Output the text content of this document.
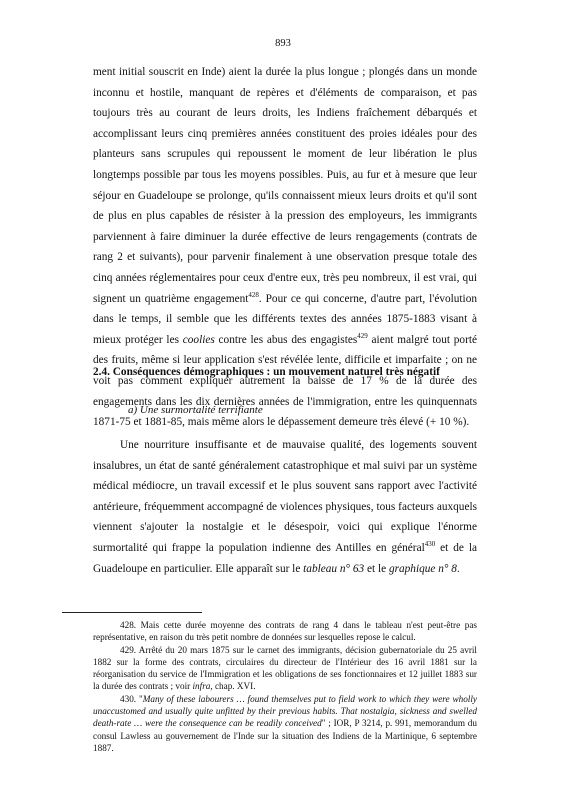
893
ment initial souscrit en Inde) aient la durée la plus longue ; plongés dans un monde inconnu et hostile, manquant de repères et d'éléments de comparaison, et pas toujours très au courant de leurs droits, les Indiens fraîchement débarqués et accomplissant leurs cinq premières années constituent des proies idéales pour des planteurs sans scrupules qui repoussent le moment de leur libération le plus longtemps possible par tous les moyens possibles. Puis, au fur et à mesure que leur séjour en Guadeloupe se prolonge, qu'ils connaissent mieux leurs droits et qu'il sont de plus en plus capables de résister à la pression des employeurs, les immigrants parviennent à faire diminuer la durée effective de leurs rengagements (contrats de rang 2 et suivants), pour parvenir finalement à une observation presque totale des cinq années réglementaires pour ceux d'entre eux, très peu nombreux, il est vrai, qui signent un quatrième engagement$^{428}$. Pour ce qui concerne, d'autre part, l'évolution dans le temps, il semble que les différents textes des années 1875-1883 visant à mieux protéger les coolies contre les abus des engagistes$^{429}$ aient malgré tout porté des fruits, même si leur application s'est révélée lente, difficile et imparfaite ; on ne voit pas comment expliquer autrement la baisse de 17 % de la durée des engagements dans les dix dernières années de l'immigration, entre les quinquennats 1871-75 et 1881-85, mais même alors le dépassement demeure très élevé (+ 10 %).
2.4. Conséquences démographiques : un mouvement naturel très négatif
a) Une surmortalité terrifiante
Une nourriture insuffisante et de mauvaise qualité, des logements souvent insalubres, un état de santé généralement catastrophique et mal suivi par un système médical médiocre, un travail excessif et le plus souvent sans rapport avec l'activité antérieure, fréquemment accompagné de violences physiques, tous facteurs auxquels viennent s'ajouter la nostalgie et le désespoir, voici qui explique l'énorme surmortalité qui frappe la population indienne des Antilles en général$^{430}$ et de la Guadeloupe en particulier. Elle apparaît sur le tableau n° 63 et le graphique n° 8.

428. Mais cette durée moyenne des contrats de rang 4 dans le tableau n'est peut-être pas représentative, en raison du très petit nombre de données sur lesquelles repose le calcul.

429. Arrêté du 20 mars 1875 sur le carnet des immigrants, décision gubernatoriale du 25 avril 1882 sur la forme des contrats, circulaires du directeur de l'Intérieur des 16 avril 1881 sur la réorganisation du service de l'Immigration et les obligations de ses fonctionnaires et 12 juillet 1883 sur la durée des contrats ; voir infra, chap. XVI.

430. "Many of these labourers … found themselves put to field work to which they were wholly unaccustomed and usually quite unfitted by their previous habits. That nostalgia, sickness and swelled death-rate … were the consequence can be readily conceived" ; IOR, P 3214, p. 991, memorandum du consul Lawless au gouvernement de l'Inde sur la situation des Indiens de la Martinique, 6 septembre 1887.
